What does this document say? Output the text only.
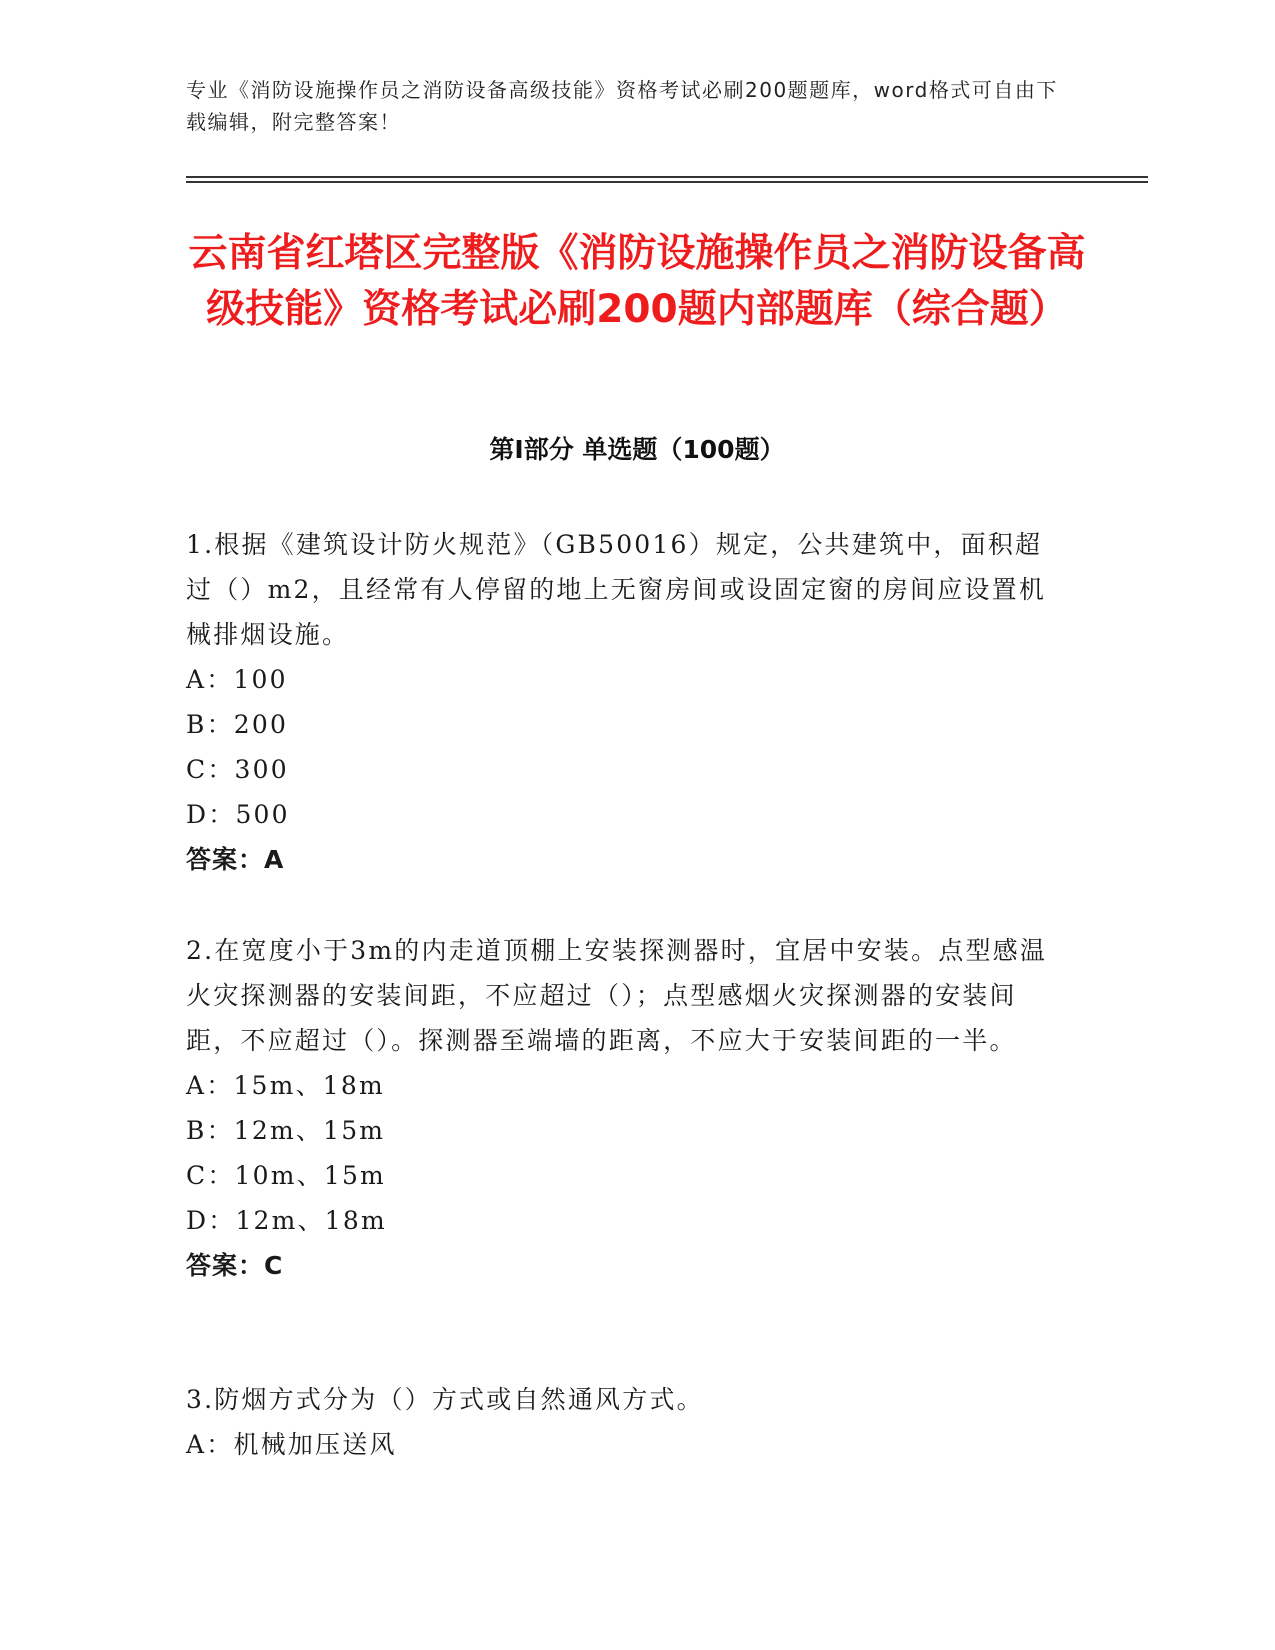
专业《消防设施操作员之消防设备高级技能》资格考试必刷200题题库，word格式可自由下载编辑，附完整答案！
云南省红塔区完整版《消防设施操作员之消防设备高级技能》资格考试必刷200题内部题库（综合题）
第I部分 单选题（100题）
1.根据《建筑设计防火规范》（GB50016）规定，公共建筑中，面积超过（）m2，且经常有人停留的地上无窗房间或设固定窗的房间应设置机械排烟设施。
A：100
B：200
C：300
D：500
答案：A
2.在宽度小于3m的内走道顶棚上安装探测器时，宜居中安装。点型感温火灾探测器的安装间距，不应超过（）；点型感烟火灾探测器的安装间距，不应超过（）。探测器至端墙的距离，不应大于安装间距的一半。
A：15m、18m
B：12m、15m
C：10m、15m
D：12m、18m
答案：C
3.防烟方式分为（）方式或自然通风方式。
A：机械加压送风
